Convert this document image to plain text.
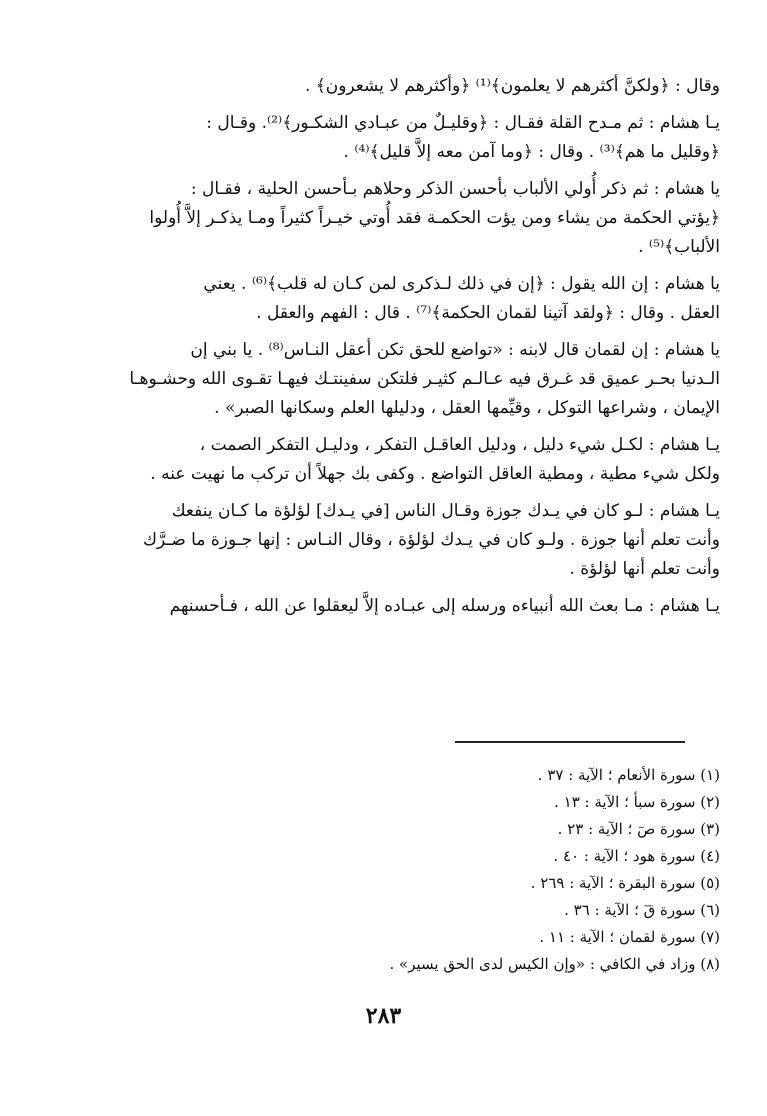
وقال : ﴿ولكنَّ أكثرهم لا يعلمون﴾⁽¹⁾ ﴿وأكثرهم لا يشعرون﴾ .

يـا هشام : ثم مـدح القلة فقـال : ﴿وقليـلٌ من عبـادي الشكـور﴾⁽²⁾. وقـال :
﴿وقليل ما هم﴾⁽³⁾ . وقال : ﴿وما آمن معه إلاَّ قليل﴾⁽⁴⁾ .

يا هشام : ثم ذكر أُولي الألباب بأحسن الذكر وحلاهم بـأحسن الحلية ، فقـال :
﴿يؤتي الحكمة من يشاء ومن يؤت الحكمـة فقد أُوتي خيـراً كثيراً ومـا يذكـر إلاَّ أُولوا
الألباب﴾⁽⁵⁾ .

يا هشام : إن الله يقول : ﴿إن في ذلك لـذكرى لمن كـان له قلب﴾⁽⁶⁾ . يعني
العقل . وقال : ﴿ولقد آتينا لقمان الحكمة﴾⁽⁷⁾ . قال : الفهم والعقل .

يا هشام : إن لقمان قال لابنه : «تواضع للحق تكن أعقل النـاس⁽⁸⁾ . يا بني إن
الـدنيا بحـر عميق قد غـرق فيه عـالـم كثيـر فلتكن سفينتـك فيهـا تقـوى الله وحشـوهـا
الإيمان ، وشراعها التوكل ، وقيِّمها العقل ، ودليلها العلم وسكانها الصبر» .

يـا هشام : لكـل شيء دليل ، ودليل العاقـل التفكر ، ودليـل التفكر الصمت ،
ولكل شيء مطية ، ومطية العاقل التواضع . وكفى بك جهلاً أن تركب ما نهيت عنه .

يـا هشام : لـو كان في يـدك جوزة وقـال الناس [في يـدك] لؤلؤة ما كـان ينفعك
وأنت تعلم أنها جوزة . ولـو كان في يـدك لؤلؤة ، وقال النـاس : إنها جـوزة ما ضـرَّك
وأنت تعلم أنها لؤلؤة .

يـا هشام : مـا بعث الله أنبياءه ورسله إلى عبـاده إلاَّ ليعقلوا عن الله ، فـأحسنهم

(١) سورة الأنعام ؛ الآية : ٣٧ .
(٢) سورة سبأ ؛ الآية : ١٣ .
(٣) سورة صٓ ؛ الآية : ٢٣ .
(٤) سورة هود ؛ الآية : ٤٠ .
(٥) سورة البقرة ؛ الآية : ٢٦٩ .
(٦) سورة قٓ ؛ الآية : ٣٦ .
(٧) سورة لقمان ؛ الآية : ١١ .
(٨) وزاد في الكافي : «وإن الكيس لدى الحق يسير» .
٢٨٣
